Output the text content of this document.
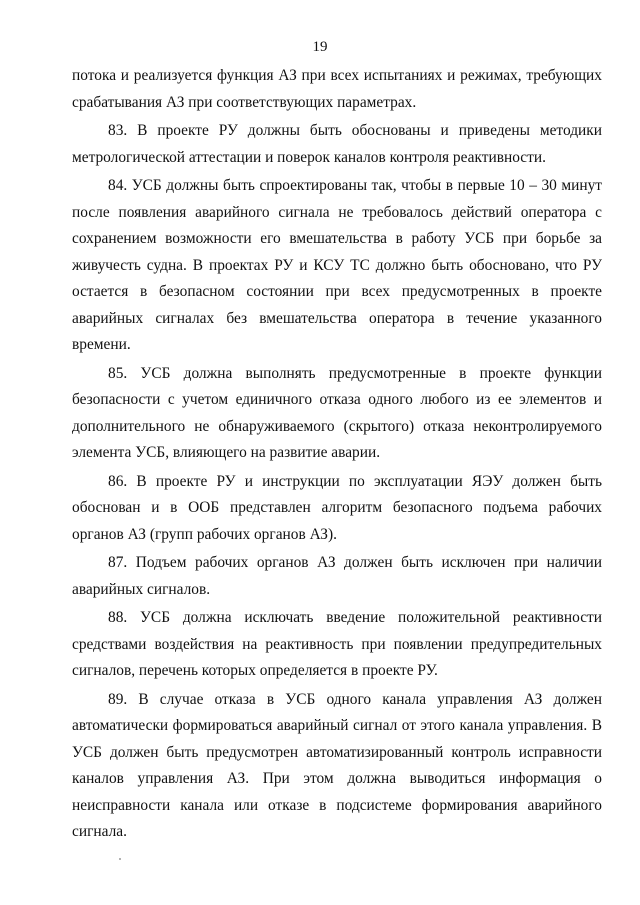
19

потока и реализуется функция АЗ при всех испытаниях и режимах, требующих срабатывания АЗ при соответствующих параметрах.

83. В проекте РУ должны быть обоснованы и приведены методики метрологической аттестации и поверок каналов контроля реактивности.

84. УСБ должны быть спроектированы так, чтобы в первые 10 – 30 минут после появления аварийного сигнала не требовалось действий оператора с сохранением возможности его вмешательства в работу УСБ при борьбе за живучесть судна. В проектах РУ и КСУ ТС должно быть обосновано, что РУ остается в безопасном состоянии при всех предусмотренных в проекте аварийных сигналах без вмешательства оператора в течение указанного времени.

85. УСБ должна выполнять предусмотренные в проекте функции безопасности с учетом единичного отказа одного любого из ее элементов и дополнительного не обнаруживаемого (скрытого) отказа неконтролируемого элемента УСБ, влияющего на развитие аварии.

86. В проекте РУ и инструкции по эксплуатации ЯЭУ должен быть обоснован и в ООБ представлен алгоритм безопасного подъема рабочих органов АЗ (групп рабочих органов АЗ).

87. Подъем рабочих органов АЗ должен быть исключен при наличии аварийных сигналов.

88. УСБ должна исключать введение положительной реактивности средствами воздействия на реактивность при появлении предупредительных сигналов, перечень которых определяется в проекте РУ.

89. В случае отказа в УСБ одного канала управления АЗ должен автоматически формироваться аварийный сигнал от этого канала управления. В УСБ должен быть предусмотрен автоматизированный контроль исправности каналов управления АЗ. При этом должна выводиться информация о неисправности канала или отказе в подсистеме формирования аварийного сигнала.
